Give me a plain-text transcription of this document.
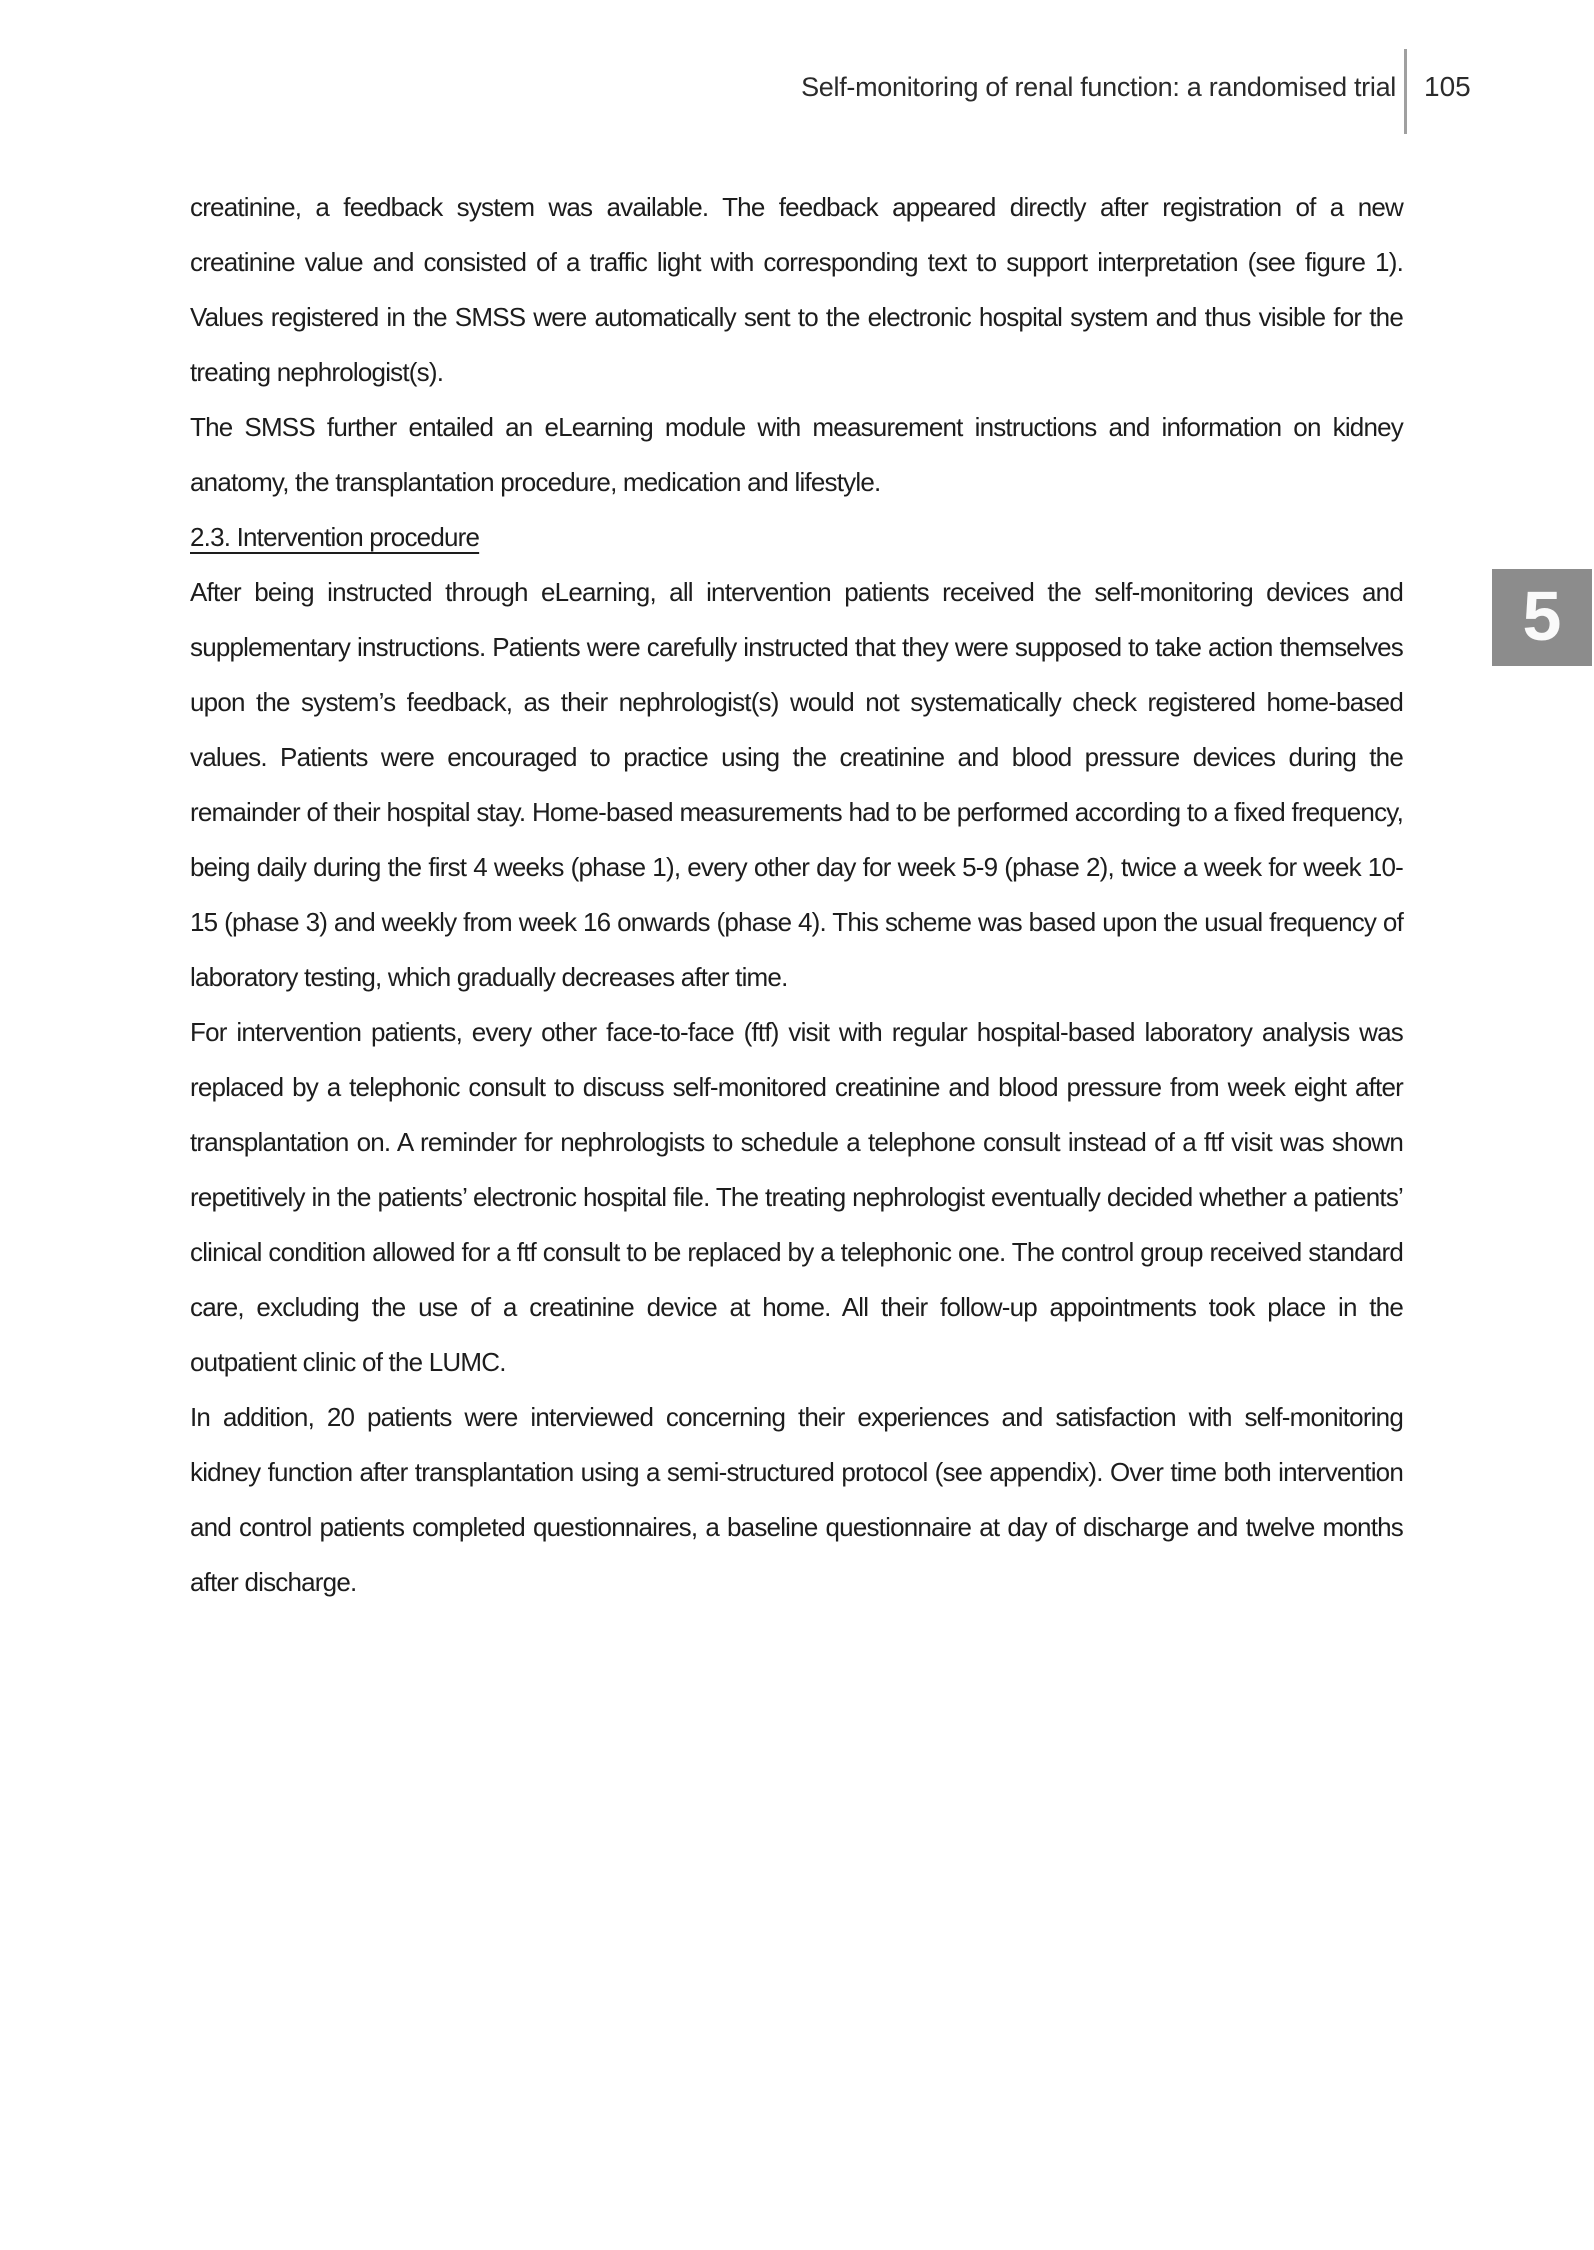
Self-monitoring of renal function: a randomised trial 105
5

creatinine, a feedback system was available. The feedback appeared directly after registration of a new creatinine value and consisted of a traffic light with corresponding text to support interpretation (see figure 1). Values registered in the SMSS were automatically sent to the electronic hospital system and thus visible for the treating nephrologist(s).

The SMSS further entailed an eLearning module with measurement instructions and information on kidney anatomy, the transplantation procedure, medication and lifestyle.

2.3. Intervention procedure

After being instructed through eLearning, all intervention patients received the self-monitoring devices and supplementary instructions. Patients were carefully instructed that they were supposed to take action themselves upon the system’s feedback, as their nephrologist(s) would not systematically check registered home-based values. Patients were encouraged to practice using the creatinine and blood pressure devices during the remainder of their hospital stay. Home-based measurements had to be performed according to a fixed frequency, being daily during the first 4 weeks (phase 1), every other day for week 5-9 (phase 2), twice a week for week 10-15 (phase 3) and weekly from week 16 onwards (phase 4). This scheme was based upon the usual frequency of laboratory testing, which gradually decreases after time.

For intervention patients, every other face-to-face (ftf) visit with regular hospital-based laboratory analysis was replaced by a telephonic consult to discuss self-monitored creatinine and blood pressure from week eight after transplantation on. A reminder for nephrologists to schedule a telephone consult instead of a ftf visit was shown repetitively in the patients’ electronic hospital file. The treating nephrologist eventually decided whether a patients’ clinical condition allowed for a ftf consult to be replaced by a telephonic one. The control group received standard care, excluding the use of a creatinine device at home. All their follow-up appointments took place in the outpatient clinic of the LUMC.

In addition, 20 patients were interviewed concerning their experiences and satisfaction with self-monitoring kidney function after transplantation using a semi-structured protocol (see appendix). Over time both intervention and control patients completed questionnaires, a baseline questionnaire at day of discharge and twelve months after discharge.
